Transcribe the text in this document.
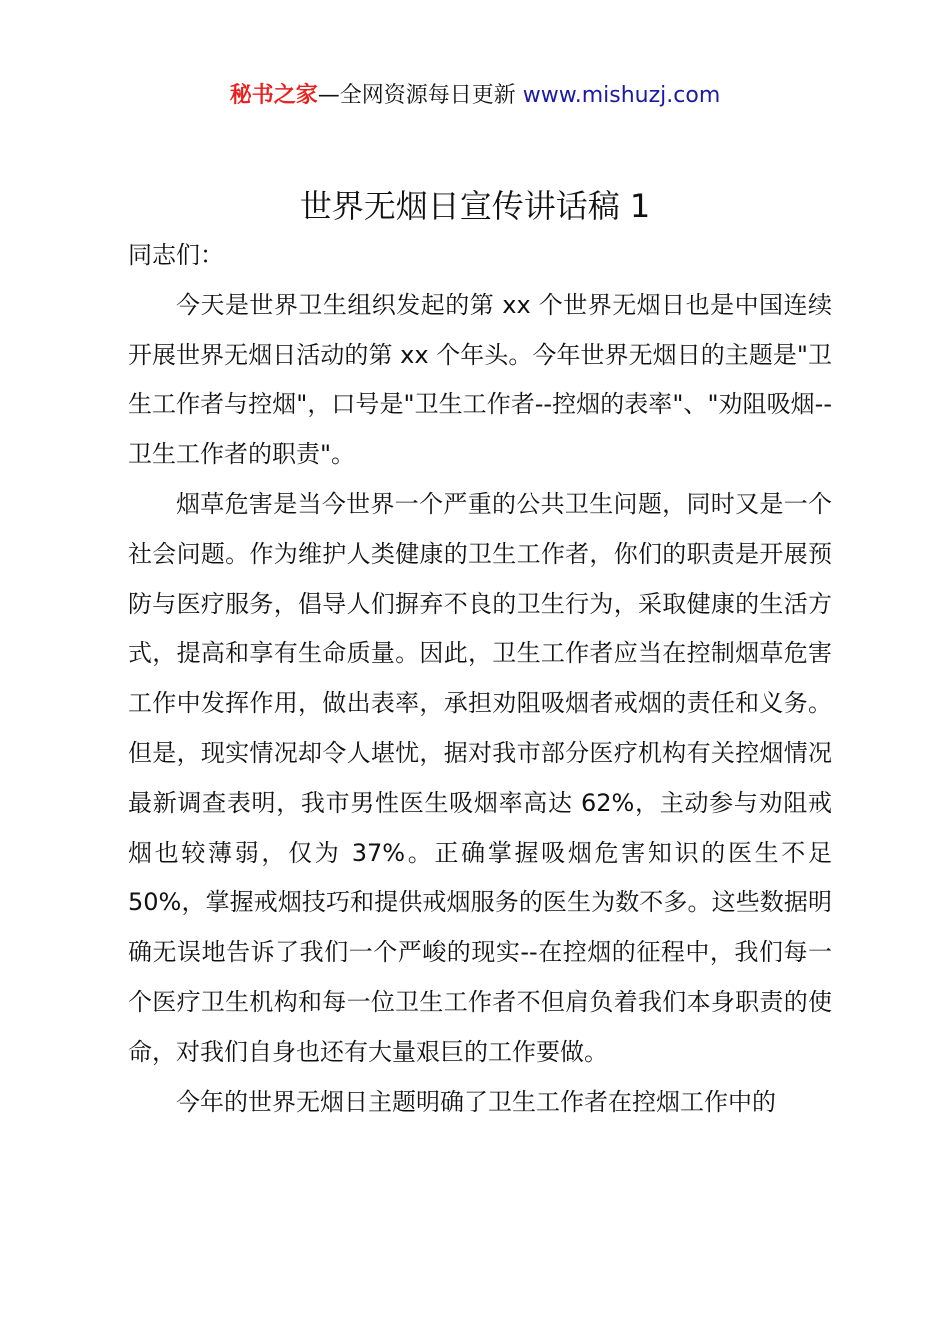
秘书之家—全网资源每日更新 www.mishuzj.com
世界无烟日宣传讲话稿 1

同志们：

今天是世界卫生组织发起的第 xx 个世界无烟日也是中国连续开展世界无烟日活动的第 xx 个年头。今年世界无烟日的主题是"卫生工作者与控烟"，口号是"卫生工作者--控烟的表率"、"劝阻吸烟--卫生工作者的职责"。

烟草危害是当今世界一个严重的公共卫生问题，同时又是一个社会问题。作为维护人类健康的卫生工作者，你们的职责是开展预防与医疗服务，倡导人们摒弃不良的卫生行为，采取健康的生活方式，提高和享有生命质量。因此，卫生工作者应当在控制烟草危害工作中发挥作用，做出表率，承担劝阻吸烟者戒烟的责任和义务。但是，现实情况却令人堪忧，据对我市部分医疗机构有关控烟情况最新调查表明，我市男性医生吸烟率高达 62%，主动参与劝阻戒烟也较薄弱，仅为 37%。正确掌握吸烟危害知识的医生不足 50%，掌握戒烟技巧和提供戒烟服务的医生为数不多。这些数据明确无误地告诉了我们一个严峻的现实--在控烟的征程中，我们每一个医疗卫生机构和每一位卫生工作者不但肩负着我们本身职责的使命，对我们自身也还有大量艰巨的工作要做。

今年的世界无烟日主题明确了卫生工作者在控烟工作中的
